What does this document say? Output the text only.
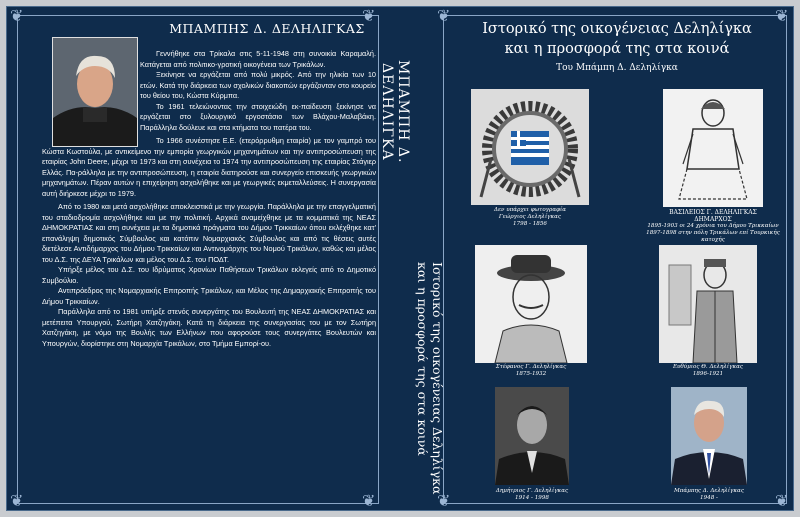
❦	❦
❦	❦
❦	❦
❦	❦
ΜΠΑΜΠΗΣ Δ. ΔΕΛΗΛΙΓΚΑΣ

Γεννήθηκε στα Τρίκαλα στις 5-11-1948 στη συνοικία Καραμαλή. Κατάγεται από πολιτικο-γροτική οικογένεια των Τρικάλων.

Ξεκίνησε να εργάζεται από πολύ μικρός. Από την ηλικία των 10 ετών. Κατά την διάρκεια των σχολικών διακοπών εργάζονταν στο κουρείο του θείου του, Κώστα Κύρμπα.

Το 1961 τελειώνοντας την στοιχειώδη εκ-παίδευση ξεκίνησε να εργάζεται στο ξυλουργικό εργοστάσιο των Βλάχου-Μαλαβάκη. Παράλληλα δούλευε και στα κτήματα του πατέρα του.

Το 1966 συνέστησε Ε.Ε. (ετερόρρυθμη εταιρία) με τον γαμπρό του Κώστα Κωστούλα, με αντικείμενο την εμπορία γεωργικών μηχανημάτων και την αντιπροσώπευση της εταιρίας John Deere, μέχρι το 1973 και στη συνέχεια το 1974 την αντιπροσώπευση της εταιρίας Στάγιερ Ελλάς. Πα-ράλληλα με την αντιπροσώπευση, η εταιρία διατηρούσε και συνεργείο επισκευής γεωργικών μηχανημάτων. Πέραν αυτών η επιχείρηση ασχολήθηκε και με γεωργικές εκμεταλλεύσεις. Η συνεργασία αυτή διήρκεσε μέχρι το 1979.

Από το 1980 και μετά ασχολήθηκε αποκλειστικά με την γεωργία. Παράλληλα με την επαγγελματική του σταδιοδρομία ασχολήθηκε και με την πολιτική. Αρχικά αναμείχθηκε με τα κομματικά της ΝΕΑΣ ΔΗΜΟΚΡΑΤΙΑΣ και στη συνέχεια με τα δημοτικά πράγματα του Δήμου Τρικκαίων όπου εκλέχθηκε κατ' επανάληψη δημοτικός Σύμβουλος και κατόπιν Νομαρχιακός Σύμβουλος και από τις θέσεις αυτές διετέλεσε Αντιδήμαρχος του Δήμου Τρικκαίων και Αντινομάρχης του Νομού Τρικάλων, καθώς και μέλος του Δ.Σ. της ΔΕΥΑ Τρικάλων και μέλος του Δ.Σ. του ΠΟΔΤ.

Υπήρξε μέλος του Δ.Σ. του Ιδρύματος Χρονίων Παθήσεων Τρικάλων εκλεγείς από το Δημοτικό Συμβούλιο.

Αντιπρόεδρος της Νομαρχιακής Επιτροπής Τρικάλων, και Μέλος της Δημαρχιακής Επιτροπής του Δήμου Τρικκαίων.

Παράλληλα από το 1981 υπήρξε στενός συνεργάτης του Βουλευτή της ΝΕΑΣ ΔΗΜΟΚΡΑΤΙΑΣ και μετέπειτα Υπουργού, Σωτήρη Χατζηγάκη. Κατά τη διάρκεια της συνεργασίας του με τον Σωτήρη Χατζηγάκη, με νόμο της Βουλής των Ελλήνων που αφορούσε τους συνεργάτες Βουλευτών και Υπουργών, διορίστηκε στη Νομαρχία Τρικάλων, στο Τμήμα Εμπορί-ου.

ΜΠΑΜΠΗ Δ. ΔΕΛΗΛΙΓΚΑ
Ιστορικό της οικογένειας Δεληλίγκα
και η προσφορά της στα κοινά
Ιστορικό της οικογένειας Δεληλίγκα
και η προσφορά της στα κοινά
Του Μπάμπη Δ. Δεληλίγκα
Δεν υπάρχει φωτογραφία
Γεώργιος Δεληλίγκας
1798 - 1856
ΒΑΣΙΛΕΙΟΣ Γ. ΔΕΛΗΛΙΓΚΑΣ
ΔΗΜΑΡΧΟΣ
1895-1903 οι 24 χρόνια του Δήμου Τρικκαίων
1897-1898 στην πόλη Τρικάλων επί Τουρκικής κατοχής
Στέφανος Γ. Δεληλίγκας
1875-1932
Ευθύμιος Θ. Δεληλίγκας
1896-1921
Δημήτριος Γ. Δεληλίγκας
1914 - 1998
Μπάμπης Δ. Δεληλίγκας
1948 -
